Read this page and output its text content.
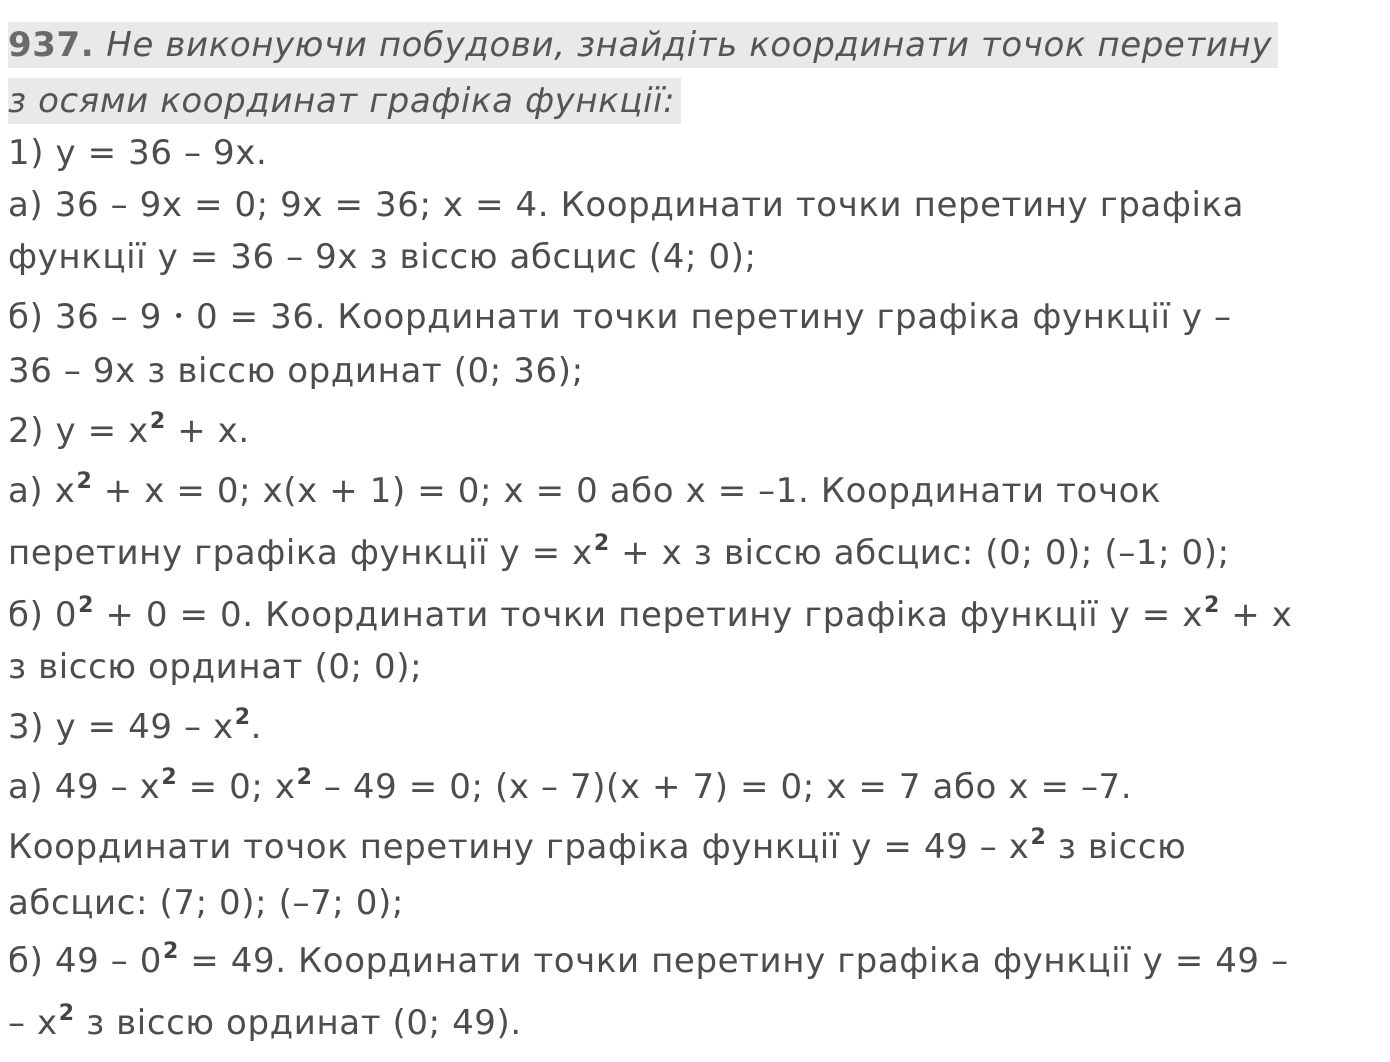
937. Не виконуючи побудови, знайдіть координати точок перетину
з осями координат графіка функції:
1) y = 36 – 9x.
а) 36 – 9x = 0; 9x = 36; x = 4. Координати точки перетину графіка
функції y = 36 – 9x з віссю абсцис (4; 0);
б) 36 – 9 • 0 = 36. Координати точки перетину графіка функції y –
36 – 9x з віссю ординат (0; 36);
2) $y = x^2 + x$.
а) $x^2 + x = 0$; x(x + 1) = 0; x = 0 або x = –1. Координати точок
перетину графіка функції $y = x^2 + x$ з віссю абсцис: (0; 0); (–1; 0);
б) $0^2 + 0 = 0$. Координати точки перетину графіка функції $y = x^2 + x$
з віссю ординат (0; 0);
3) $y = 49 - x^2$.
а) $49 - x^2 = 0$; $x^2 - 49 = 0$; (x – 7)(x + 7) = 0; x = 7 або x = –7.
Координати точок перетину графіка функції $y = 49 - x^2$ з віссю
абсцис: (7; 0); (–7; 0);
б) $49 - 0^2 = 49$. Координати точки перетину графіка функції y = 49 –
– $x^2$ з віссю ординат (0; 49).
